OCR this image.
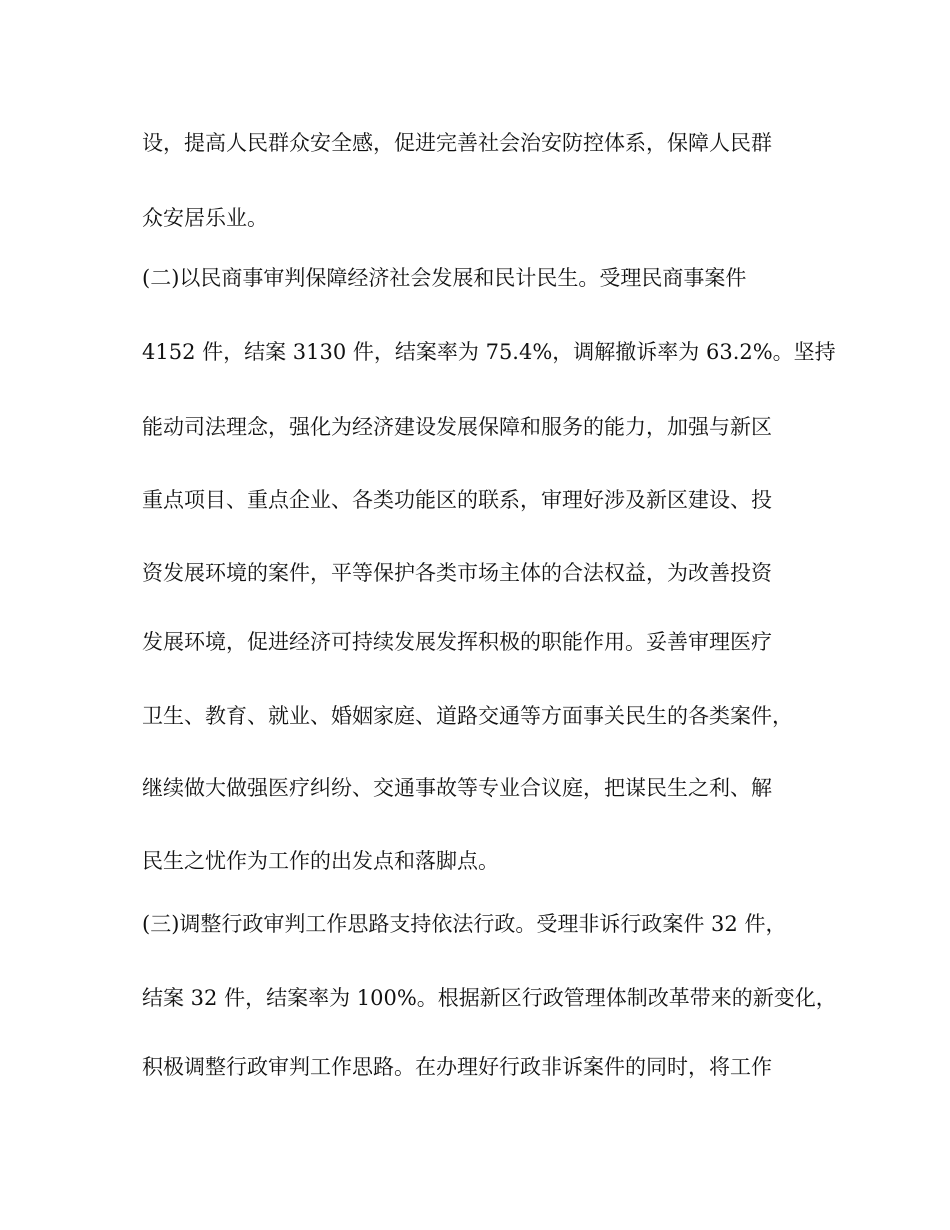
设，提高人民群众安全感，促进完善社会治安防控体系，保障人民群

众安居乐业。

(二)以民商事审判保障经济社会发展和民计民生。受理民商事案件

4152 件，结案 3130 件，结案率为 75.4%，调解撤诉率为 63.2%。坚持

能动司法理念，强化为经济建设发展保障和服务的能力，加强与新区

重点项目、重点企业、各类功能区的联系，审理好涉及新区建设、投

资发展环境的案件，平等保护各类市场主体的合法权益，为改善投资

发展环境，促进经济可持续发展发挥积极的职能作用。妥善审理医疗

卫生、教育、就业、婚姻家庭、道路交通等方面事关民生的各类案件，

继续做大做强医疗纠纷、交通事故等专业合议庭，把谋民生之利、解

民生之忧作为工作的出发点和落脚点。

(三)调整行政审判工作思路支持依法行政。受理非诉行政案件 32 件，

结案 32 件，结案率为 100%。根据新区行政管理体制改革带来的新变化，

积极调整行政审判工作思路。在办理好行政非诉案件的同时，将工作
